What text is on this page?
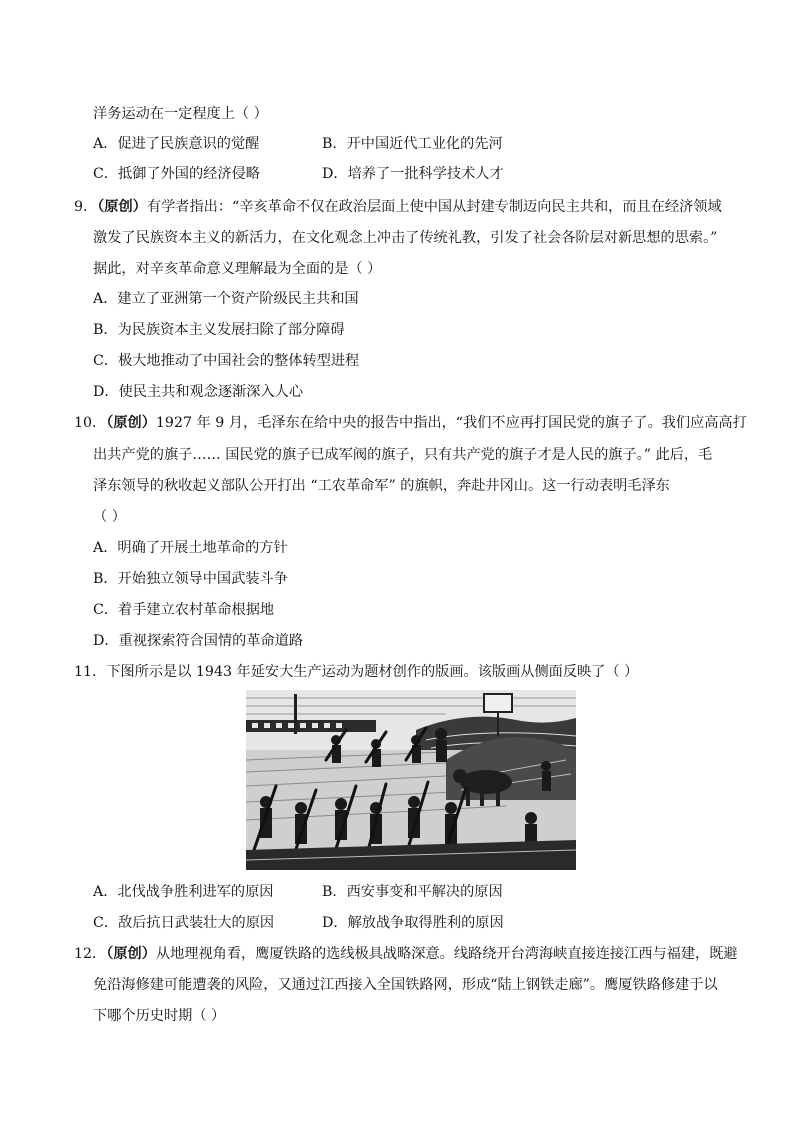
洋务运动在一定程度上（ ）
A．促进了民族意识的觉醒	B．开中国近代工业化的先河
C．抵御了外国的经济侵略	D．培养了一批科学技术人才
9．（原创）有学者指出：“辛亥革命不仅在政治层面上使中国从封建专制迈向民主共和，而且在经济领域
激发了民族资本主义的新活力，在文化观念上冲击了传统礼教，引发了社会各阶层对新思想的思索。”
据此，对辛亥革命意义理解最为全面的是（ ）
A．建立了亚洲第一个资产阶级民主共和国
B．为民族资本主义发展扫除了部分障碍
C．极大地推动了中国社会的整体转型进程
D．使民主共和观念逐渐深入人心
10．（原创）1927 年 9 月，毛泽东在给中央的报告中指出，“我们不应再打国民党的旗子了。我们应高高打
出共产党的旗子…… 国民党的旗子已成军阀的旗子，只有共产党的旗子才是人民的旗子。” 此后，毛
泽东领导的秋收起义部队公开打出 “工农革命军” 的旗帜，奔赴井冈山。这一行动表明毛泽东
（ ）
A．明确了开展土地革命的方针
B．开始独立领导中国武装斗争
C．着手建立农村革命根据地
D．重视探索符合国情的革命道路
11．下图所示是以 1943 年延安大生产运动为题材创作的版画。该版画从侧面反映了（ ）
A．北伐战争胜利进军的原因	B．西安事变和平解决的原因
C．敌后抗日武装壮大的原因	D．解放战争取得胜利的原因
12．（原创）从地理视角看，鹰厦铁路的选线极具战略深意。线路绕开台湾海峡直接连接江西与福建，既避
免沿海修建可能遭袭的风险，又通过江西接入全国铁路网，形成“陆上钢铁走廊”。鹰厦铁路修建于以
下哪个历史时期（ ）
